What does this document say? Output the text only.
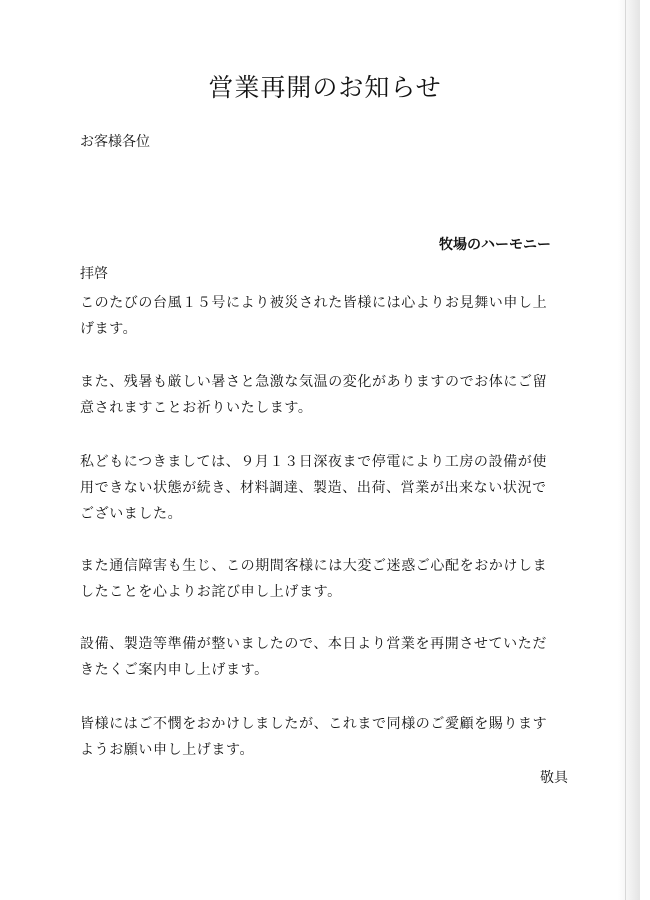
営業再開のお知らせ

お客様各位

牧場のハーモニー

拝啓

このたびの台風１５号により被災された皆様には心よりお見舞い申し上
げます。
また、残暑も厳しい暑さと急激な気温の変化がありますのでお体にご留
意されますことお祈りいたします。
私どもにつきましては、９月１３日深夜まで停電により工房の設備が使
用できない状態が続き、材料調達、製造、出荷、営業が出来ない状況で
ございました。
また通信障害も生じ、この期間客様には大変ご迷惑ご心配をおかけしま
したことを心よりお詫び申し上げます。
設備、製造等準備が整いましたので、本日より営業を再開させていただ
きたくご案内申し上げます。
皆様にはご不憫をおかけしましたが、これまで同様のご愛顧を賜ります
ようお願い申し上げます。

敬具
